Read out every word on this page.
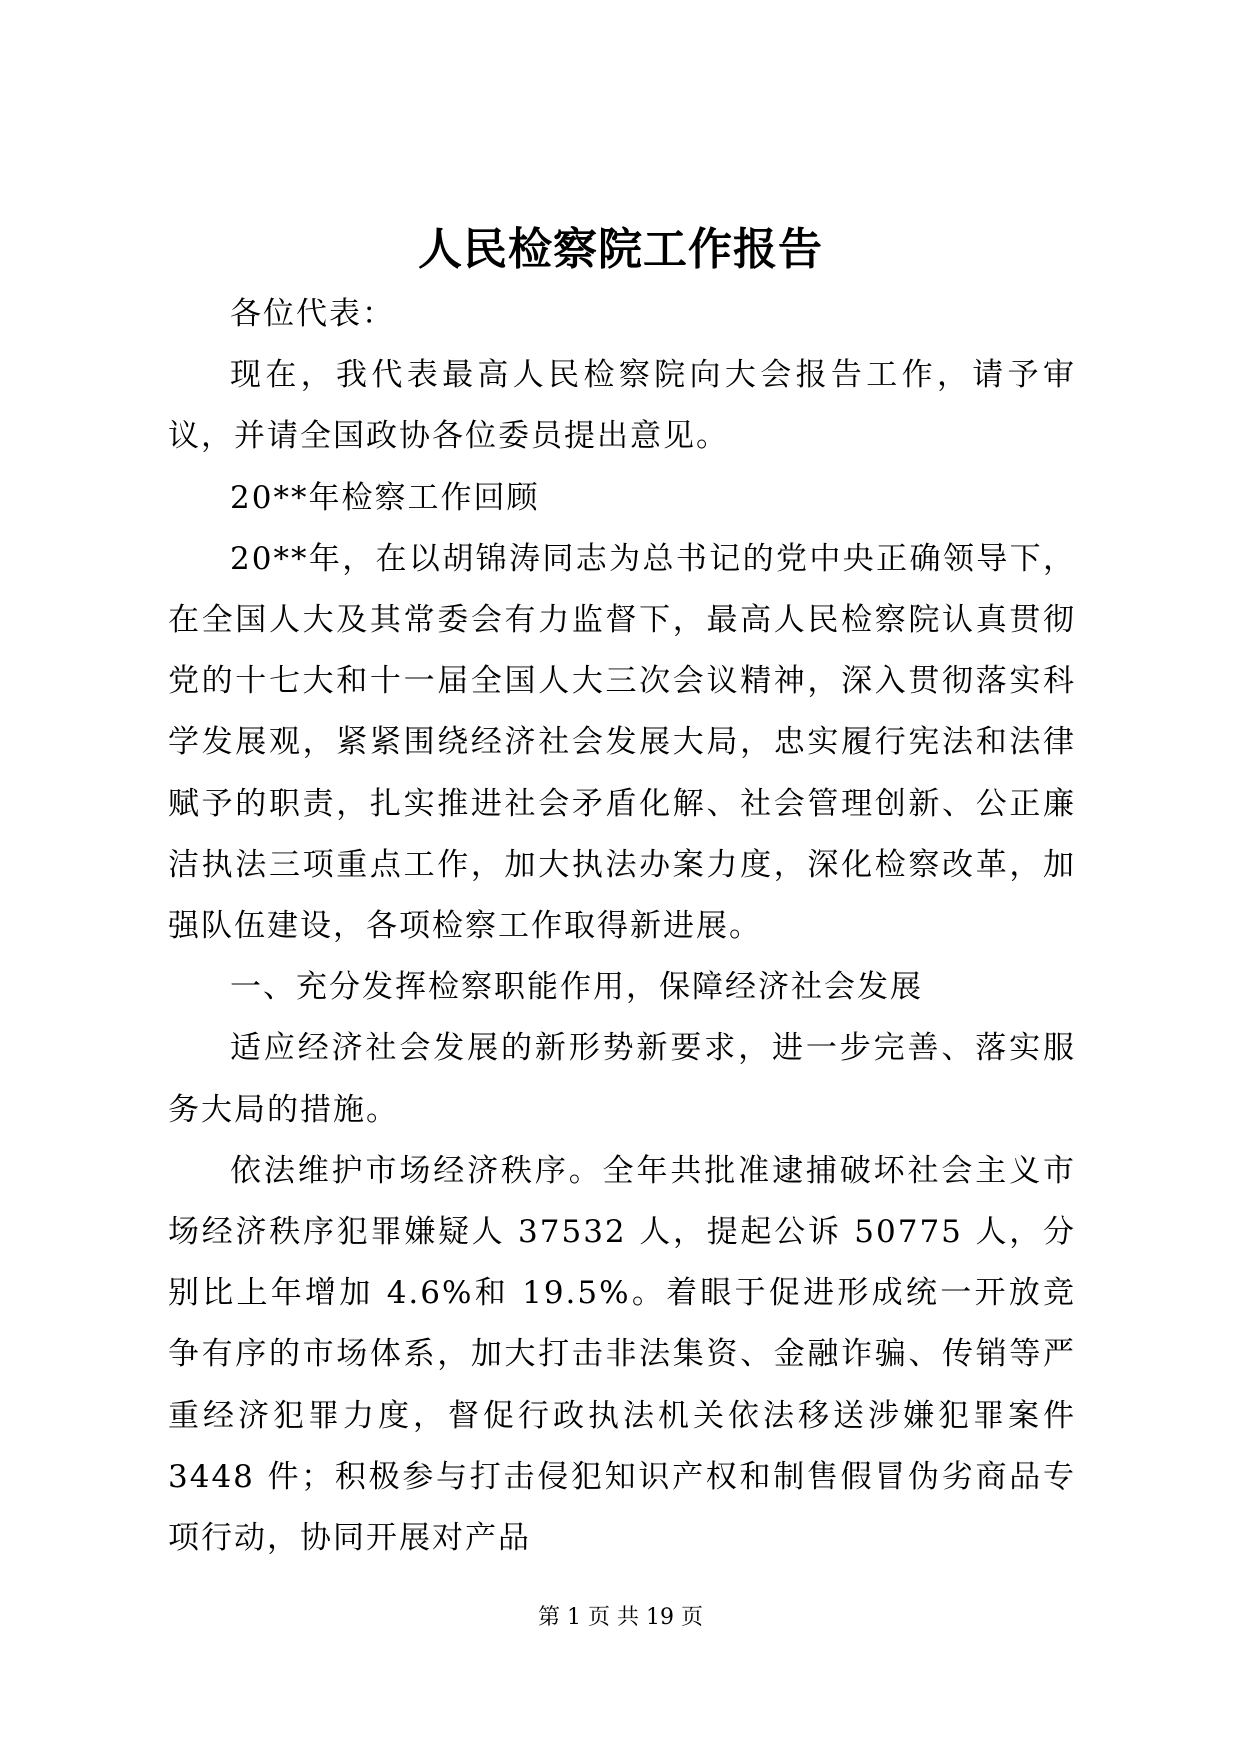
人民检察院工作报告

各位代表：

现在，我代表最高人民检察院向大会报告工作，请予审议，并请全国政协各位委员提出意见。

20**年检察工作回顾

20**年，在以胡锦涛同志为总书记的党中央正确领导下，在全国人大及其常委会有力监督下，最高人民检察院认真贯彻党的十七大和十一届全国人大三次会议精神，深入贯彻落实科学发展观，紧紧围绕经济社会发展大局，忠实履行宪法和法律赋予的职责，扎实推进社会矛盾化解、社会管理创新、公正廉洁执法三项重点工作，加大执法办案力度，深化检察改革，加强队伍建设，各项检察工作取得新进展。

一、充分发挥检察职能作用，保障经济社会发展

适应经济社会发展的新形势新要求，进一步完善、落实服务大局的措施。

依法维护市场经济秩序。全年共批准逮捕破坏社会主义市场经济秩序犯罪嫌疑人 37532 人，提起公诉 50775 人，分别比上年增加 4.6%和 19.5%。着眼于促进形成统一开放竞争有序的市场体系，加大打击非法集资、金融诈骗、传销等严重经济犯罪力度，督促行政执法机关依法移送涉嫌犯罪案件 3448 件；积极参与打击侵犯知识产权和制售假冒伪劣商品专项行动，协同开展对产品

第 1 页 共 19 页
